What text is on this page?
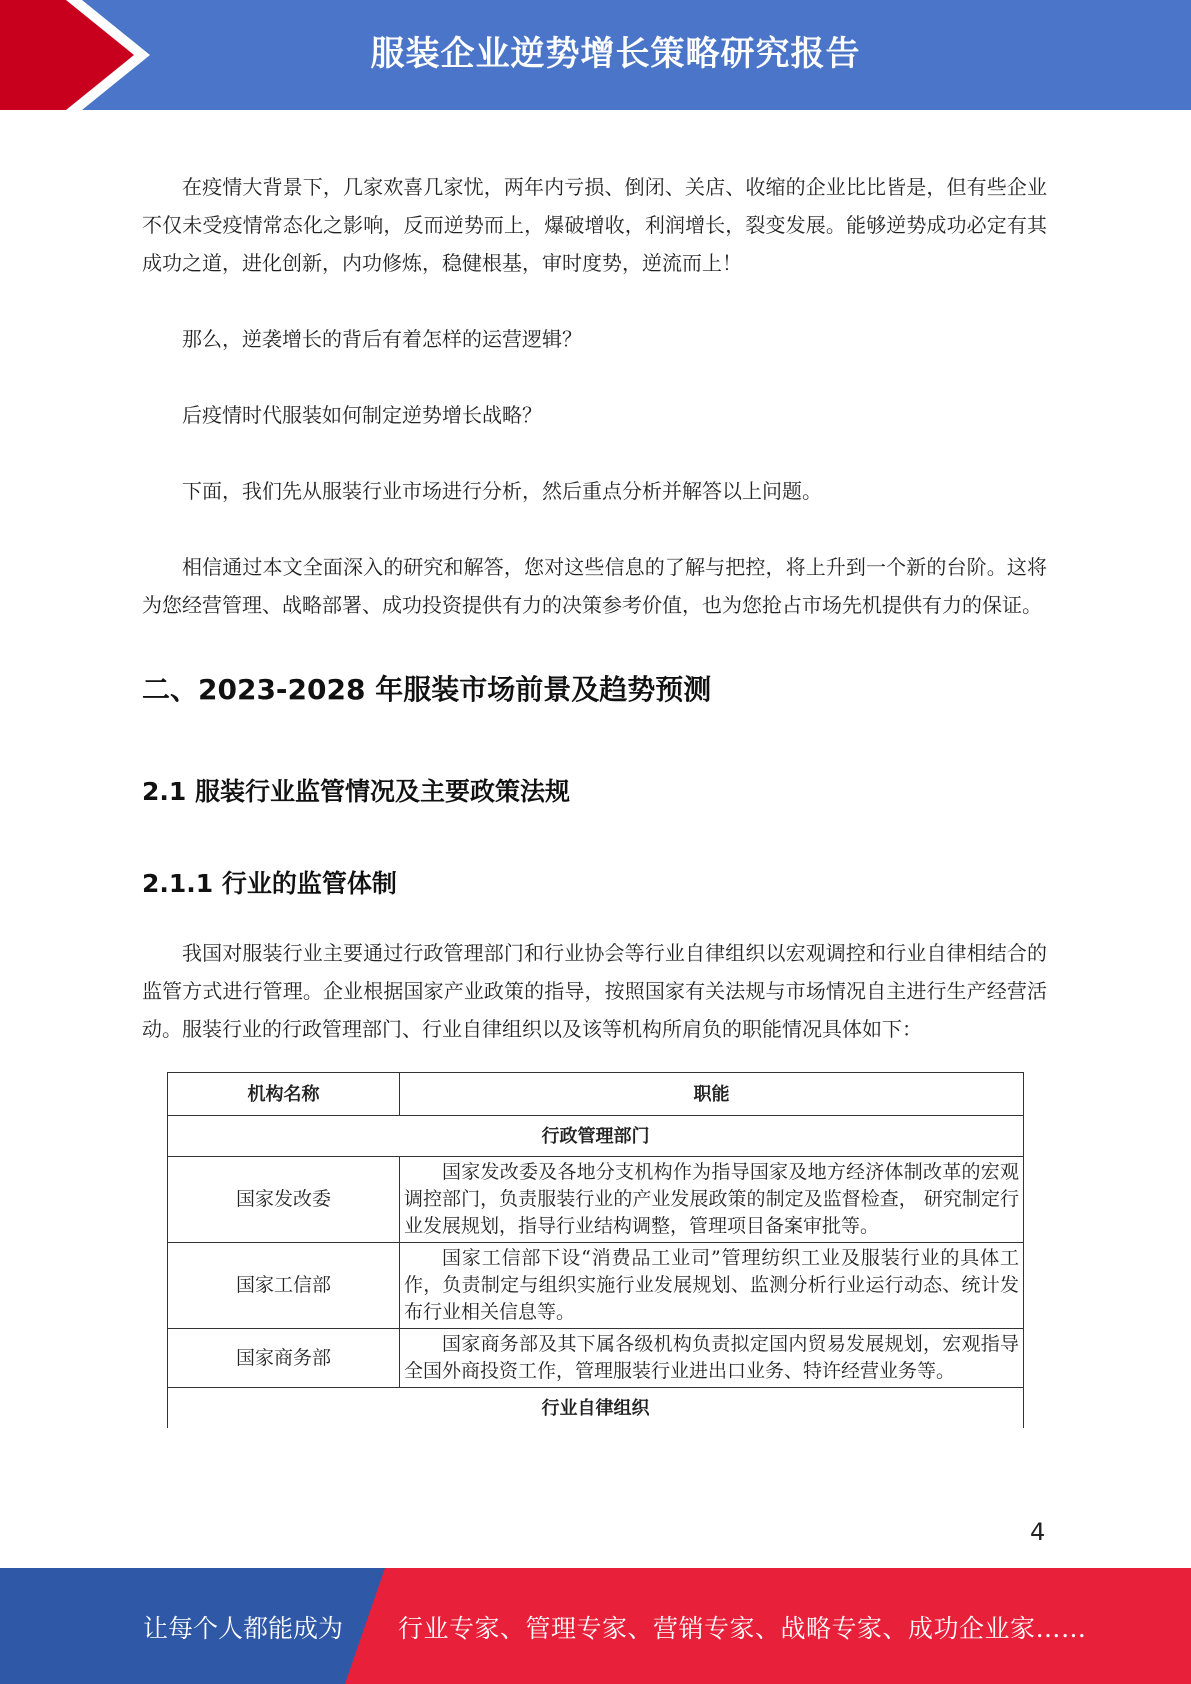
服装企业逆势增长策略研究报告

在疫情大背景下，几家欢喜几家忧，两年内亏损、倒闭、关店、收缩的企业比比皆是，但有些企业不仅未受疫情常态化之影响，反而逆势而上，爆破增收，利润增长，裂变发展。能够逆势成功必定有其成功之道，进化创新，内功修炼，稳健根基，审时度势，逆流而上！

那么，逆袭增长的背后有着怎样的运营逻辑？

后疫情时代服装如何制定逆势增长战略？

下面，我们先从服装行业市场进行分析，然后重点分析并解答以上问题。

相信通过本文全面深入的研究和解答，您对这些信息的了解与把控，将上升到一个新的台阶。这将为您经营管理、战略部署、成功投资提供有力的决策参考价值，也为您抢占市场先机提供有力的保证。

二、2023-2028 年服装市场前景及趋势预测
2.1 服装行业监管情况及主要政策法规
2.1.1 行业的监管体制

我国对服装行业主要通过行政管理部门和行业协会等行业自律组织以宏观调控和行业自律相结合的监管方式进行管理。企业根据国家产业政策的指导，按照国家有关法规与市场情况自主进行生产经营活动。服装行业的行政管理部门、行业自律组织以及该等机构所肩负的职能情况具体如下：

机构名称	职能
行政管理部门	
国家发改委	国家发改委及各地分支机构作为指导国家及地方经济体制改革的宏观调控部门，负责服装行业的产业发展政策的制定及监督检查， 研究制定行业发展规划，指导行业结构调整，管理项目备案审批等。
国家工信部	国家工信部下设“消费品工业司”管理纺织工业及服装行业的具体工作，负责制定与组织实施行业发展规划、监测分析行业运行动态、统计发布行业相关信息等。
国家商务部	国家商务部及其下属各级机构负责拟定国内贸易发展规划，宏观指导全国外商投资工作，管理服装行业进出口业务、特许经营业务等。
行业自律组织	
4
让每个人都能成为 行业专家、管理专家、营销专家、战略专家、成功企业家……
